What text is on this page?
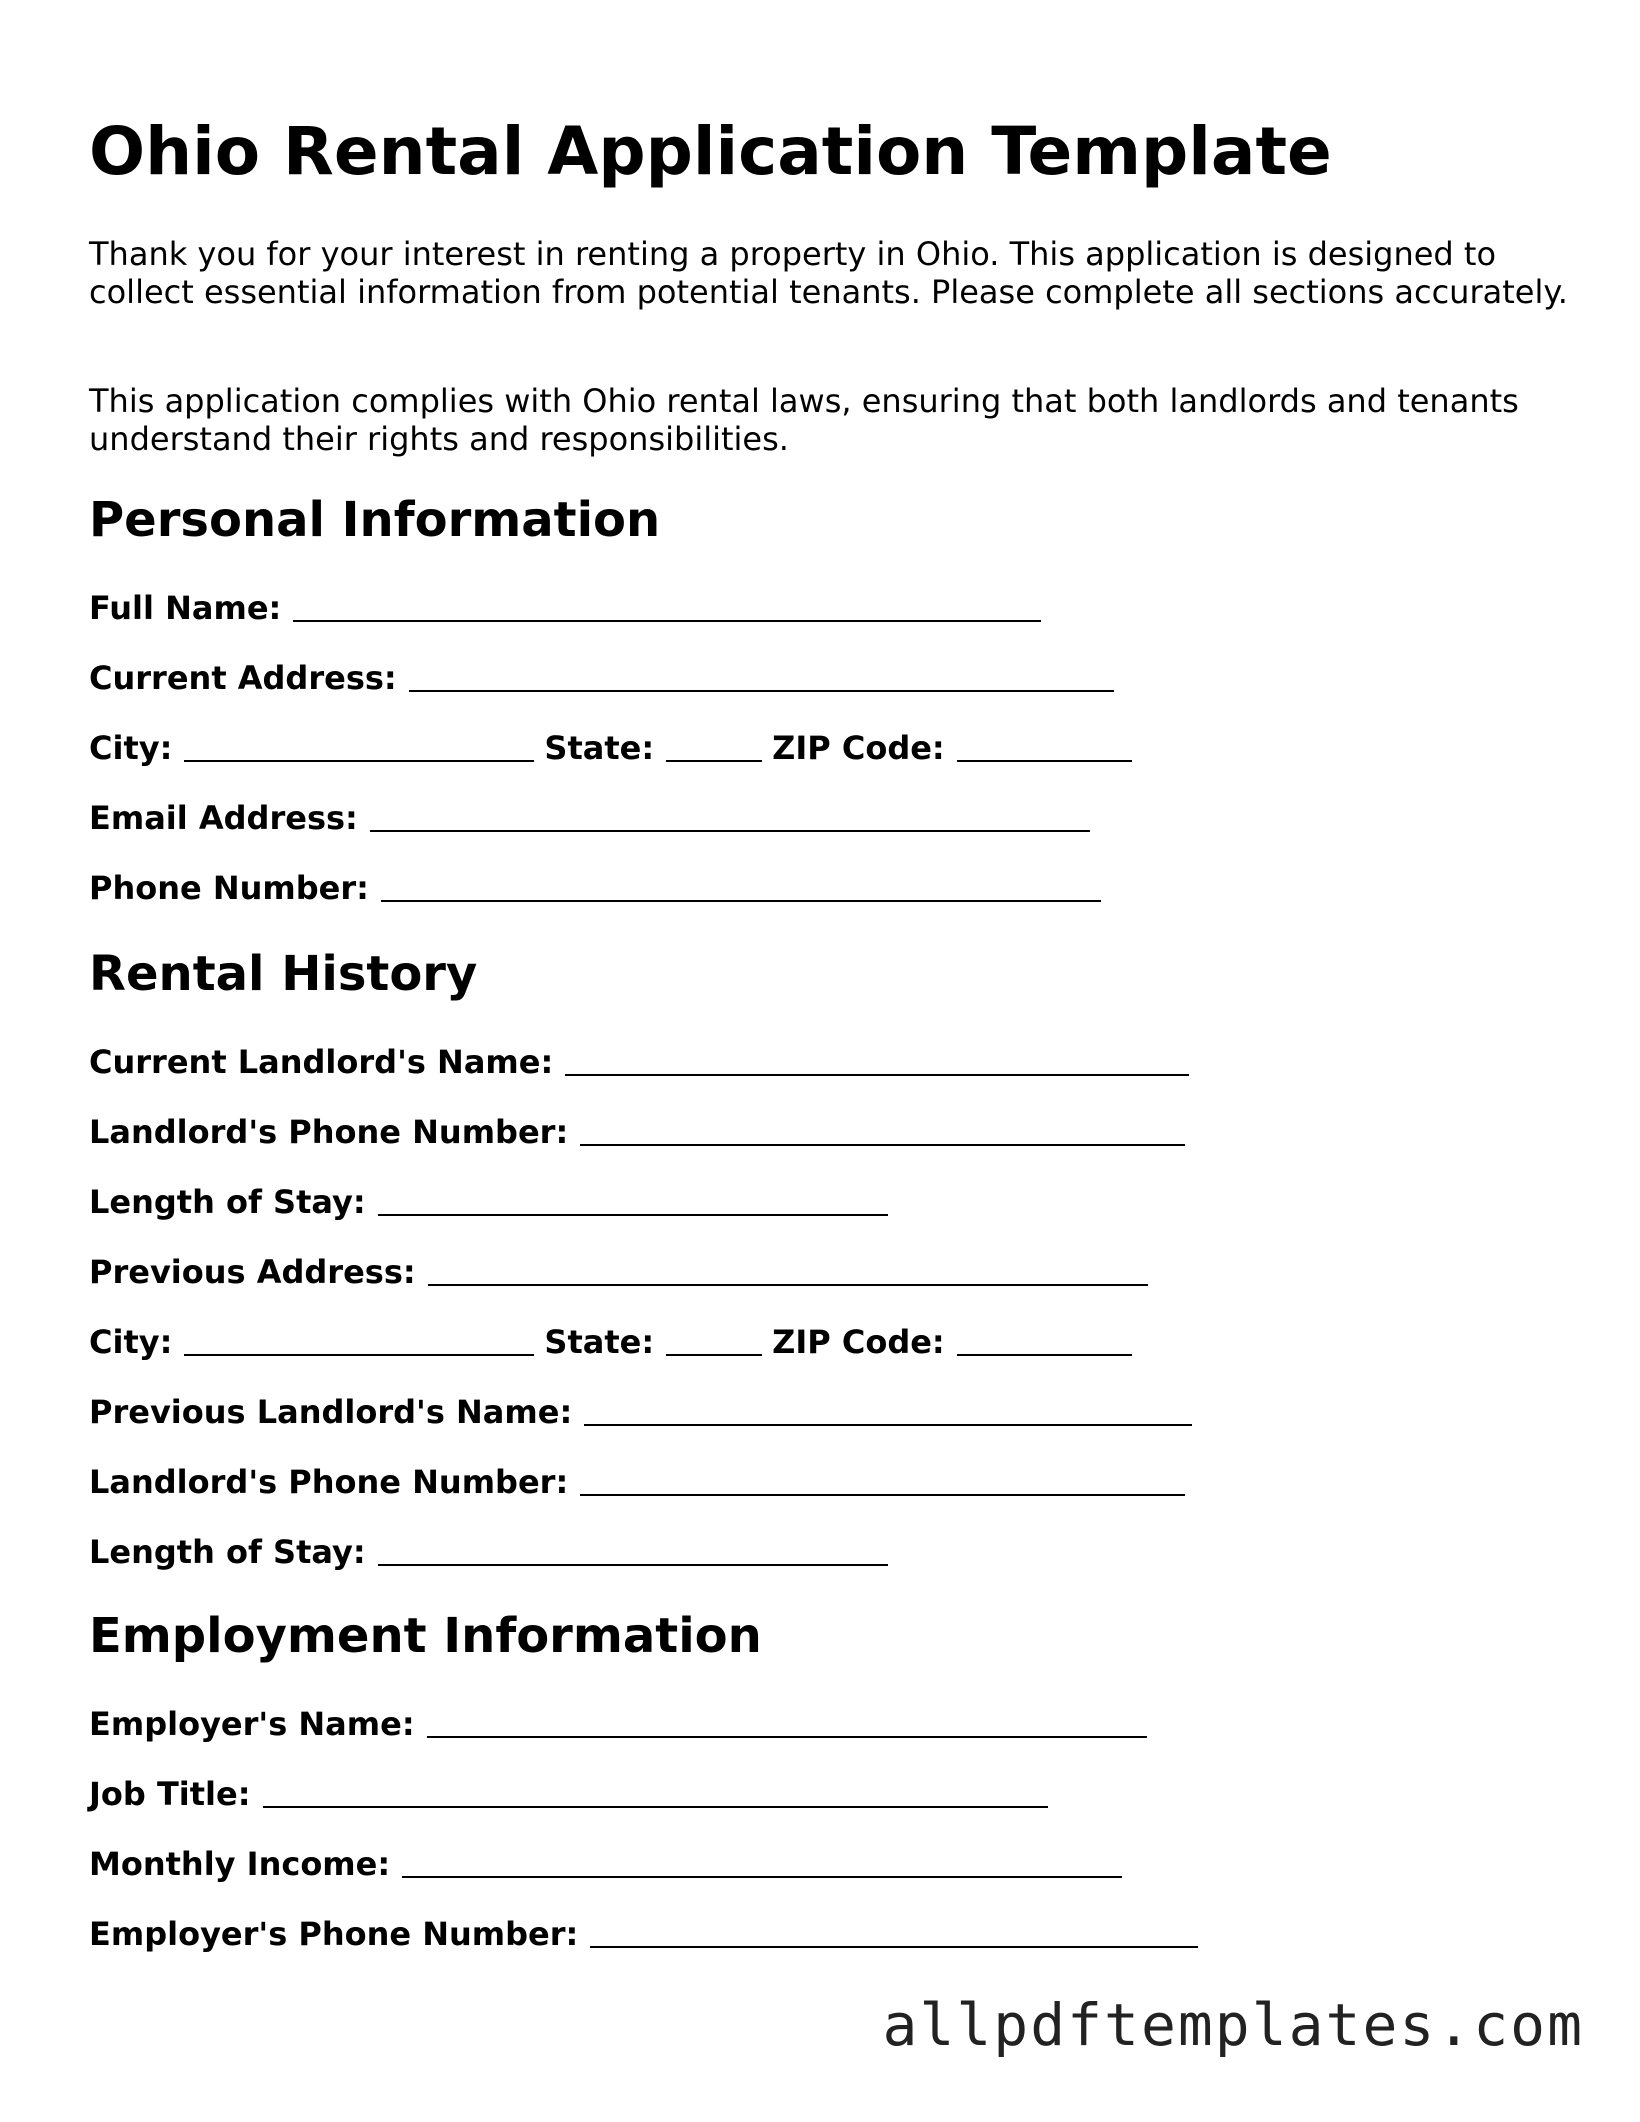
Ohio Rental Application Template

Thank you for your interest in renting a property in Ohio. This application is designed to collect essential information from potential tenants. Please complete all sections accurately.

This application complies with Ohio rental laws, ensuring that both landlords and tenants understand their rights and responsibilities.

Personal Information
Full Name:
Current Address:
City:	State:	ZIP Code:
Email Address:
Phone Number:
Rental History
Current Landlord's Name:
Landlord's Phone Number:
Length of Stay:
Previous Address:
City:	State:	ZIP Code:
Previous Landlord's Name:
Landlord's Phone Number:
Length of Stay:
Employment Information
Employer's Name:
Job Title:
Monthly Income:
Employer's Phone Number:
allpdftemplates.com
